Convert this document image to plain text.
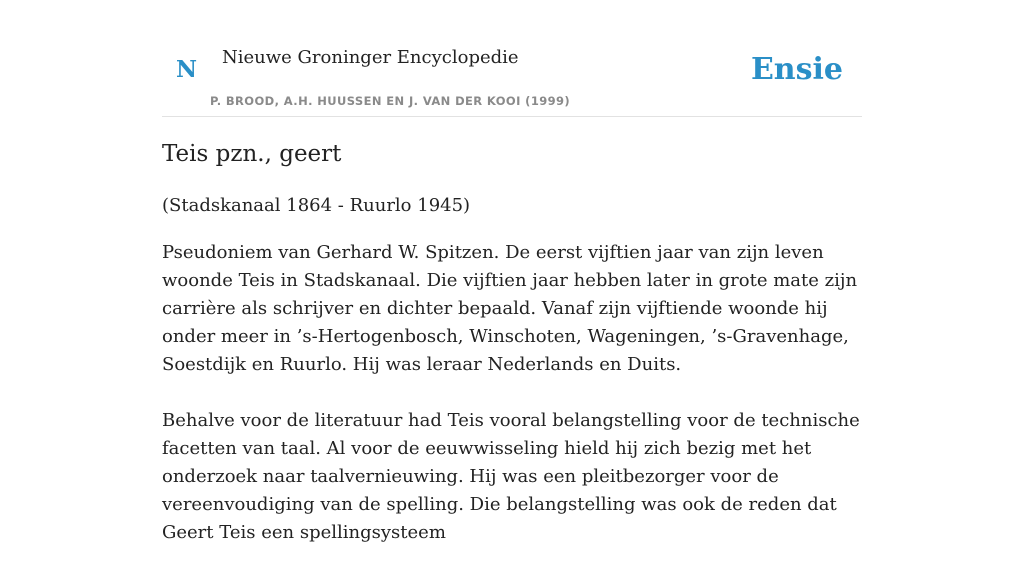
N Nieuwe Groninger Encyclopedie
P. BROOD, A.H. HUUSSEN EN J. VAN DER KOOI (1999)
Ensie
Teis pzn., geert

(Stadskanaal 1864 - Ruurlo 1945)

Pseudoniem van Gerhard W. Spitzen. De eerst vijftien jaar van zijn leven woonde Teis in Stadskanaal. Die vijftien jaar hebben later in grote mate zijn carrière als schrijver en dichter bepaald. Vanaf zijn vijftiende woonde hij onder meer in ’s-Hertogenbosch, Winschoten, Wageningen, ’s-Gravenhage, Soestdijk en Ruurlo. Hij was leraar Nederlands en Duits.

Behalve voor de literatuur had Teis vooral belangstelling voor de technische facetten van taal. Al voor de eeuwwisseling hield hij zich bezig met het onderzoek naar taalvernieuwing. Hij was een pleitbezorger voor de vereenvoudiging van de spelling. Die belangstelling was ook de reden dat Geert Teis een spellingsysteem
